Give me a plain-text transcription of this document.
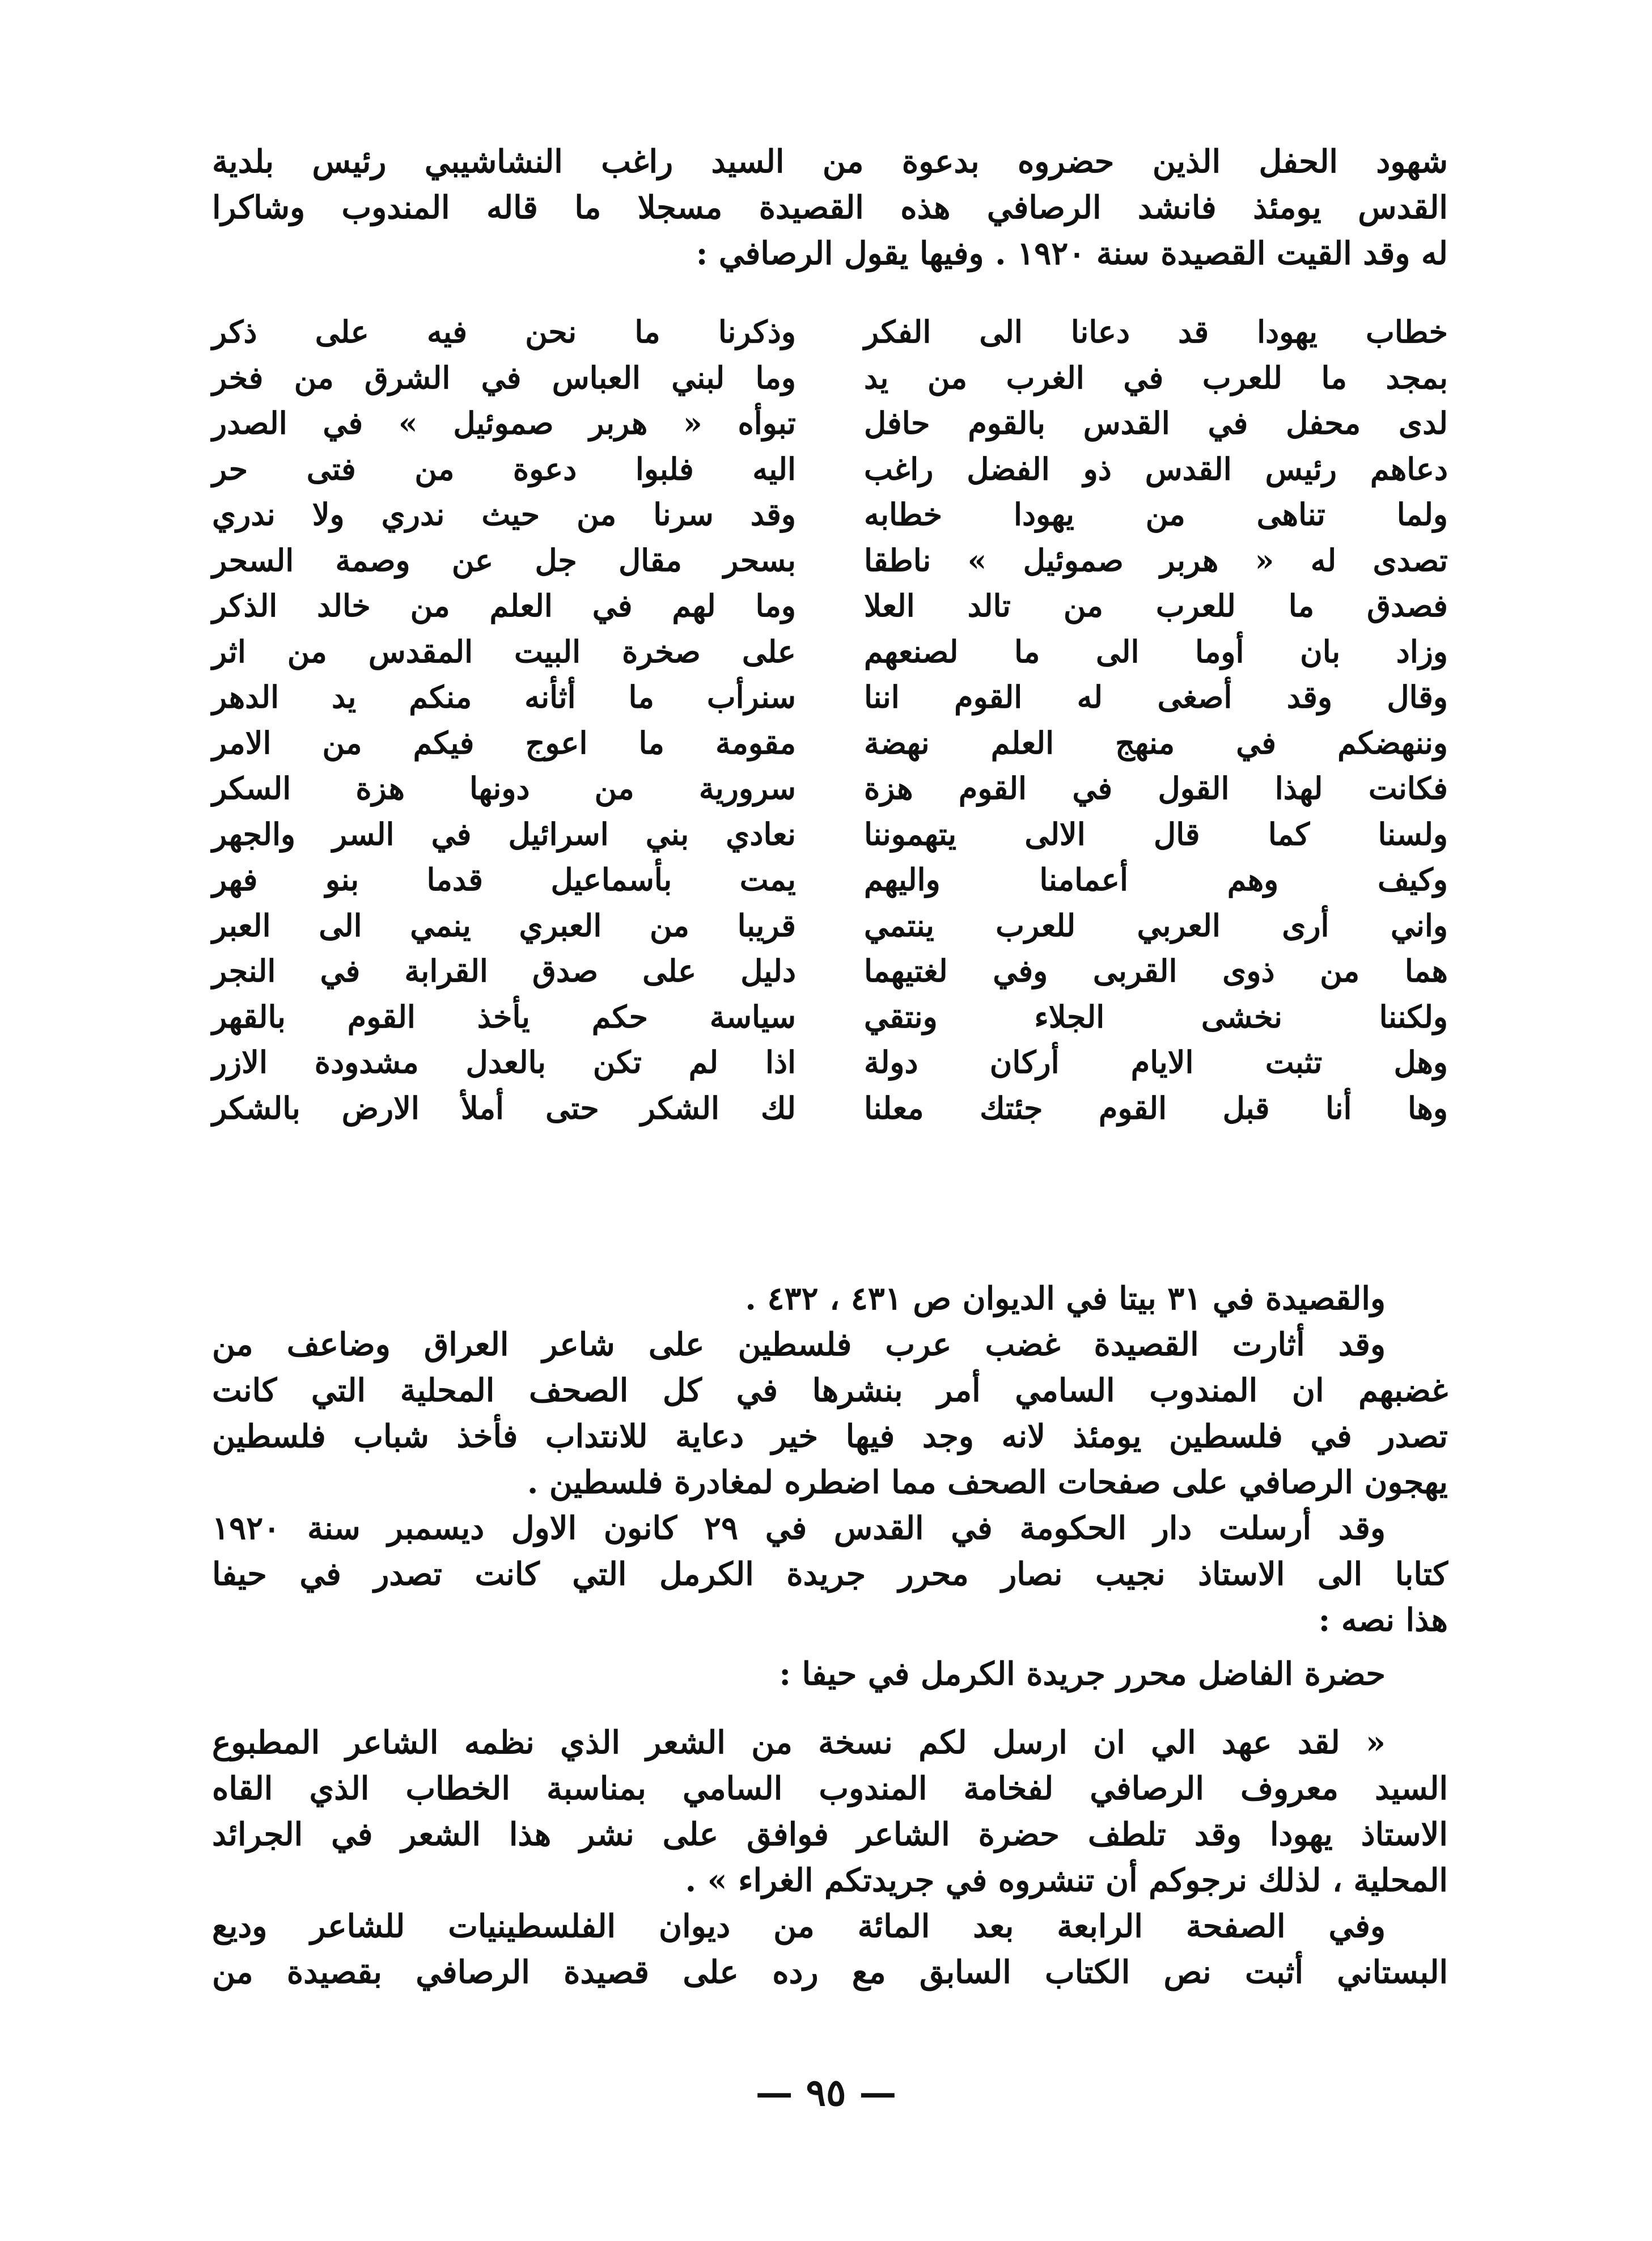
شهود الحفل الذين حضروه بدعوة من السيد راغب النشاشيبي رئيس بلدية
القدس يومئذ فانشد الرصافي هذه القصيدة مسجلا ما قاله المندوب وشاكرا
له وقد القيت القصيدة سنة ١٩٢٠ . وفيها يقول الرصافي :
خطاب يهودا قد دعانا الى الفكر
بمجد ما للعرب في الغرب من يد
لدى محفل في القدس بالقوم حافل
دعاهم رئيس القدس ذو الفضل راغب
ولما تناهى من يهودا خطابه
تصدى له « هربر صموئيل » ناطقا
فصدق ما للعرب من تالد العلا
وزاد بان أوما الى ما لصنعهم
وقال وقد أصغى له القوم اننا
وننهضكم في منهج العلم نهضة
فكانت لهذا القول في القوم هزة
ولسنا كما قال الالى يتهموننا
وكيف وهم أعمامنا واليهم
واني أرى العربي للعرب ينتمي
هما من ذوى القربى وفي لغتيهما
ولكننا نخشى الجلاء ونتقي
وهل تثبت الايام أركان دولة
وها أنا قبل القوم جئتك معلنا
وذكرنا ما نحن فيه على ذكر
وما لبني العباس في الشرق من فخر
تبوأه « هربر صموئيل » في الصدر
اليه فلبوا دعوة من فتى حر
وقد سرنا من حيث ندري ولا ندري
بسحر مقال جل عن وصمة السحر
وما لهم في العلم من خالد الذكر
على صخرة البيت المقدس من اثر
سنرأب ما أثأنه منكم يد الدهر
مقومة ما اعوج فيكم من الامر
سرورية من دونها هزة السكر
نعادي بني اسرائيل في السر والجهر
يمت بأسماعيل قدما بنو فهر
قريبا من العبري ينمي الى العبر
دليل على صدق القرابة في النجر
سياسة حكم يأخذ القوم بالقهر
اذا لم تكن بالعدل مشدودة الازر
لك الشكر حتى أملأ الارض بالشكر
والقصيدة في ٣١ بيتا في الديوان ص ٤٣١ ، ٤٣٢ .
وقد أثارت القصيدة غضب عرب فلسطين على شاعر العراق وضاعف من
غضبهم ان المندوب السامي أمر بنشرها في كل الصحف المحلية التي كانت
تصدر في فلسطين يومئذ لانه وجد فيها خير دعاية للانتداب فأخذ شباب فلسطين
يهجون الرصافي على صفحات الصحف مما اضطره لمغادرة فلسطين .
وقد أرسلت دار الحكومة في القدس في ٢٩ كانون الاول ديسمبر سنة ١٩٢٠
كتابا الى الاستاذ نجيب نصار محرر جريدة الكرمل التي كانت تصدر في حيفا
هذا نصه :
حضرة الفاضل محرر جريدة الكرمل في حيفا :
« لقد عهد الي ان ارسل لكم نسخة من الشعر الذي نظمه الشاعر المطبوع
السيد معروف الرصافي لفخامة المندوب السامي بمناسبة الخطاب الذي القاه
الاستاذ يهودا وقد تلطف حضرة الشاعر فوافق على نشر هذا الشعر في الجرائد
المحلية ، لذلك نرجوكم أن تنشروه في جريدتكم الغراء » .
وفي الصفحة الرابعة بعد المائة من ديوان الفلسطينيات للشاعر وديع
البستاني أثبت نص الكتاب السابق مع رده على قصيدة الرصافي بقصيدة من
— ٩٥ —
